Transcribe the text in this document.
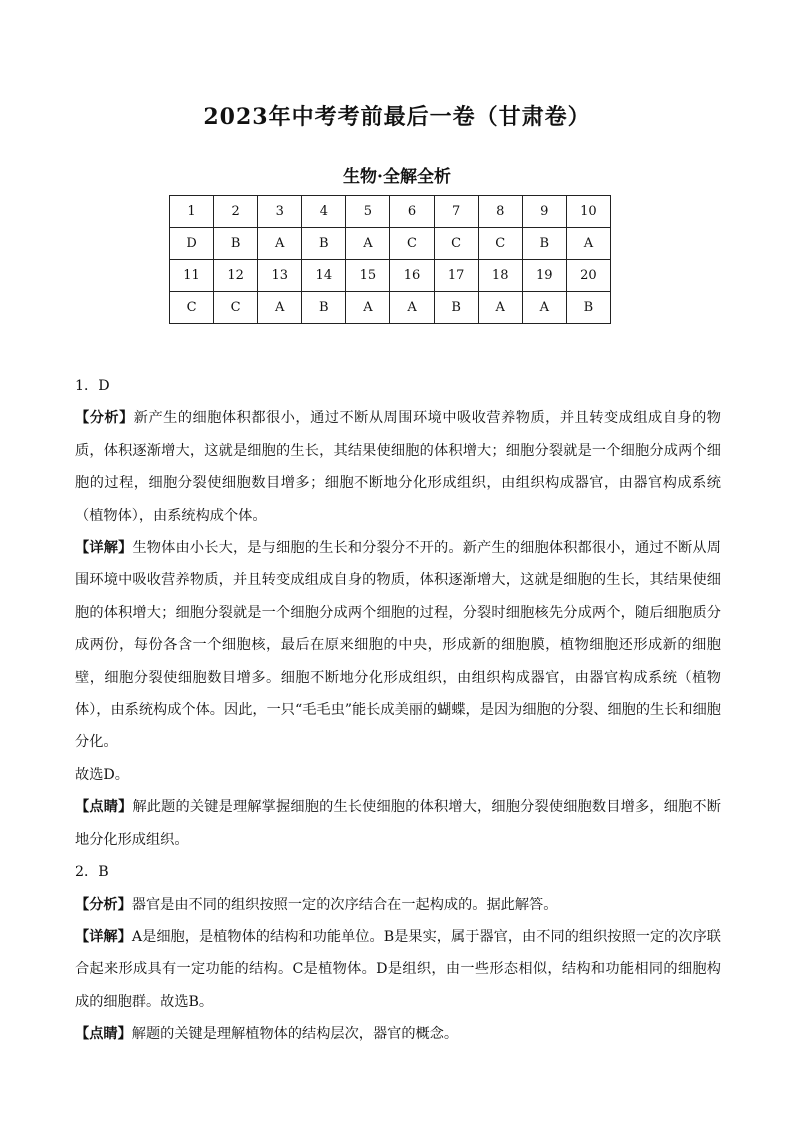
2023年中考考前最后一卷（甘肃卷）
生物·全解全析
1	2	3	4	5	6	7	8	9	10
D	B	A	B	A	C	C	C	B	A
11	12	13	14	15	16	17	18	19	20
C	C	A	B	A	A	B	A	A	B

1．D

【分析】新产生的细胞体积都很小，通过不断从周围环境中吸收营养物质，并且转变成组成自身的物质，体积逐渐增大，这就是细胞的生长，其结果使细胞的体积增大；细胞分裂就是一个细胞分成两个细胞的过程，细胞分裂使细胞数目增多；细胞不断地分化形成组织，由组织构成器官，由器官构成系统（植物体），由系统构成个体。

【详解】生物体由小长大，是与细胞的生长和分裂分不开的。新产生的细胞体积都很小，通过不断从周围环境中吸收营养物质，并且转变成组成自身的物质，体积逐渐增大，这就是细胞的生长，其结果使细胞的体积增大；细胞分裂就是一个细胞分成两个细胞的过程，分裂时细胞核先分成两个，随后细胞质分成两份，每份各含一个细胞核，最后在原来细胞的中央，形成新的细胞膜，植物细胞还形成新的细胞壁，细胞分裂使细胞数目增多。细胞不断地分化形成组织，由组织构成器官，由器官构成系统（植物体），由系统构成个体。因此，一只“毛毛虫”能长成美丽的蝴蝶，是因为细胞的分裂、细胞的生长和细胞分化。

故选D。

【点睛】解此题的关键是理解掌握细胞的生长使细胞的体积增大，细胞分裂使细胞数目增多，细胞不断地分化形成组织。

2．B

【分析】器官是由不同的组织按照一定的次序结合在一起构成的。据此解答。

【详解】A是细胞，是植物体的结构和功能单位。B是果实，属于器官，由不同的组织按照一定的次序联合起来形成具有一定功能的结构。C是植物体。D是组织，由一些形态相似，结构和功能相同的细胞构成的细胞群。故选B。

【点睛】解题的关键是理解植物体的结构层次，器官的概念。
